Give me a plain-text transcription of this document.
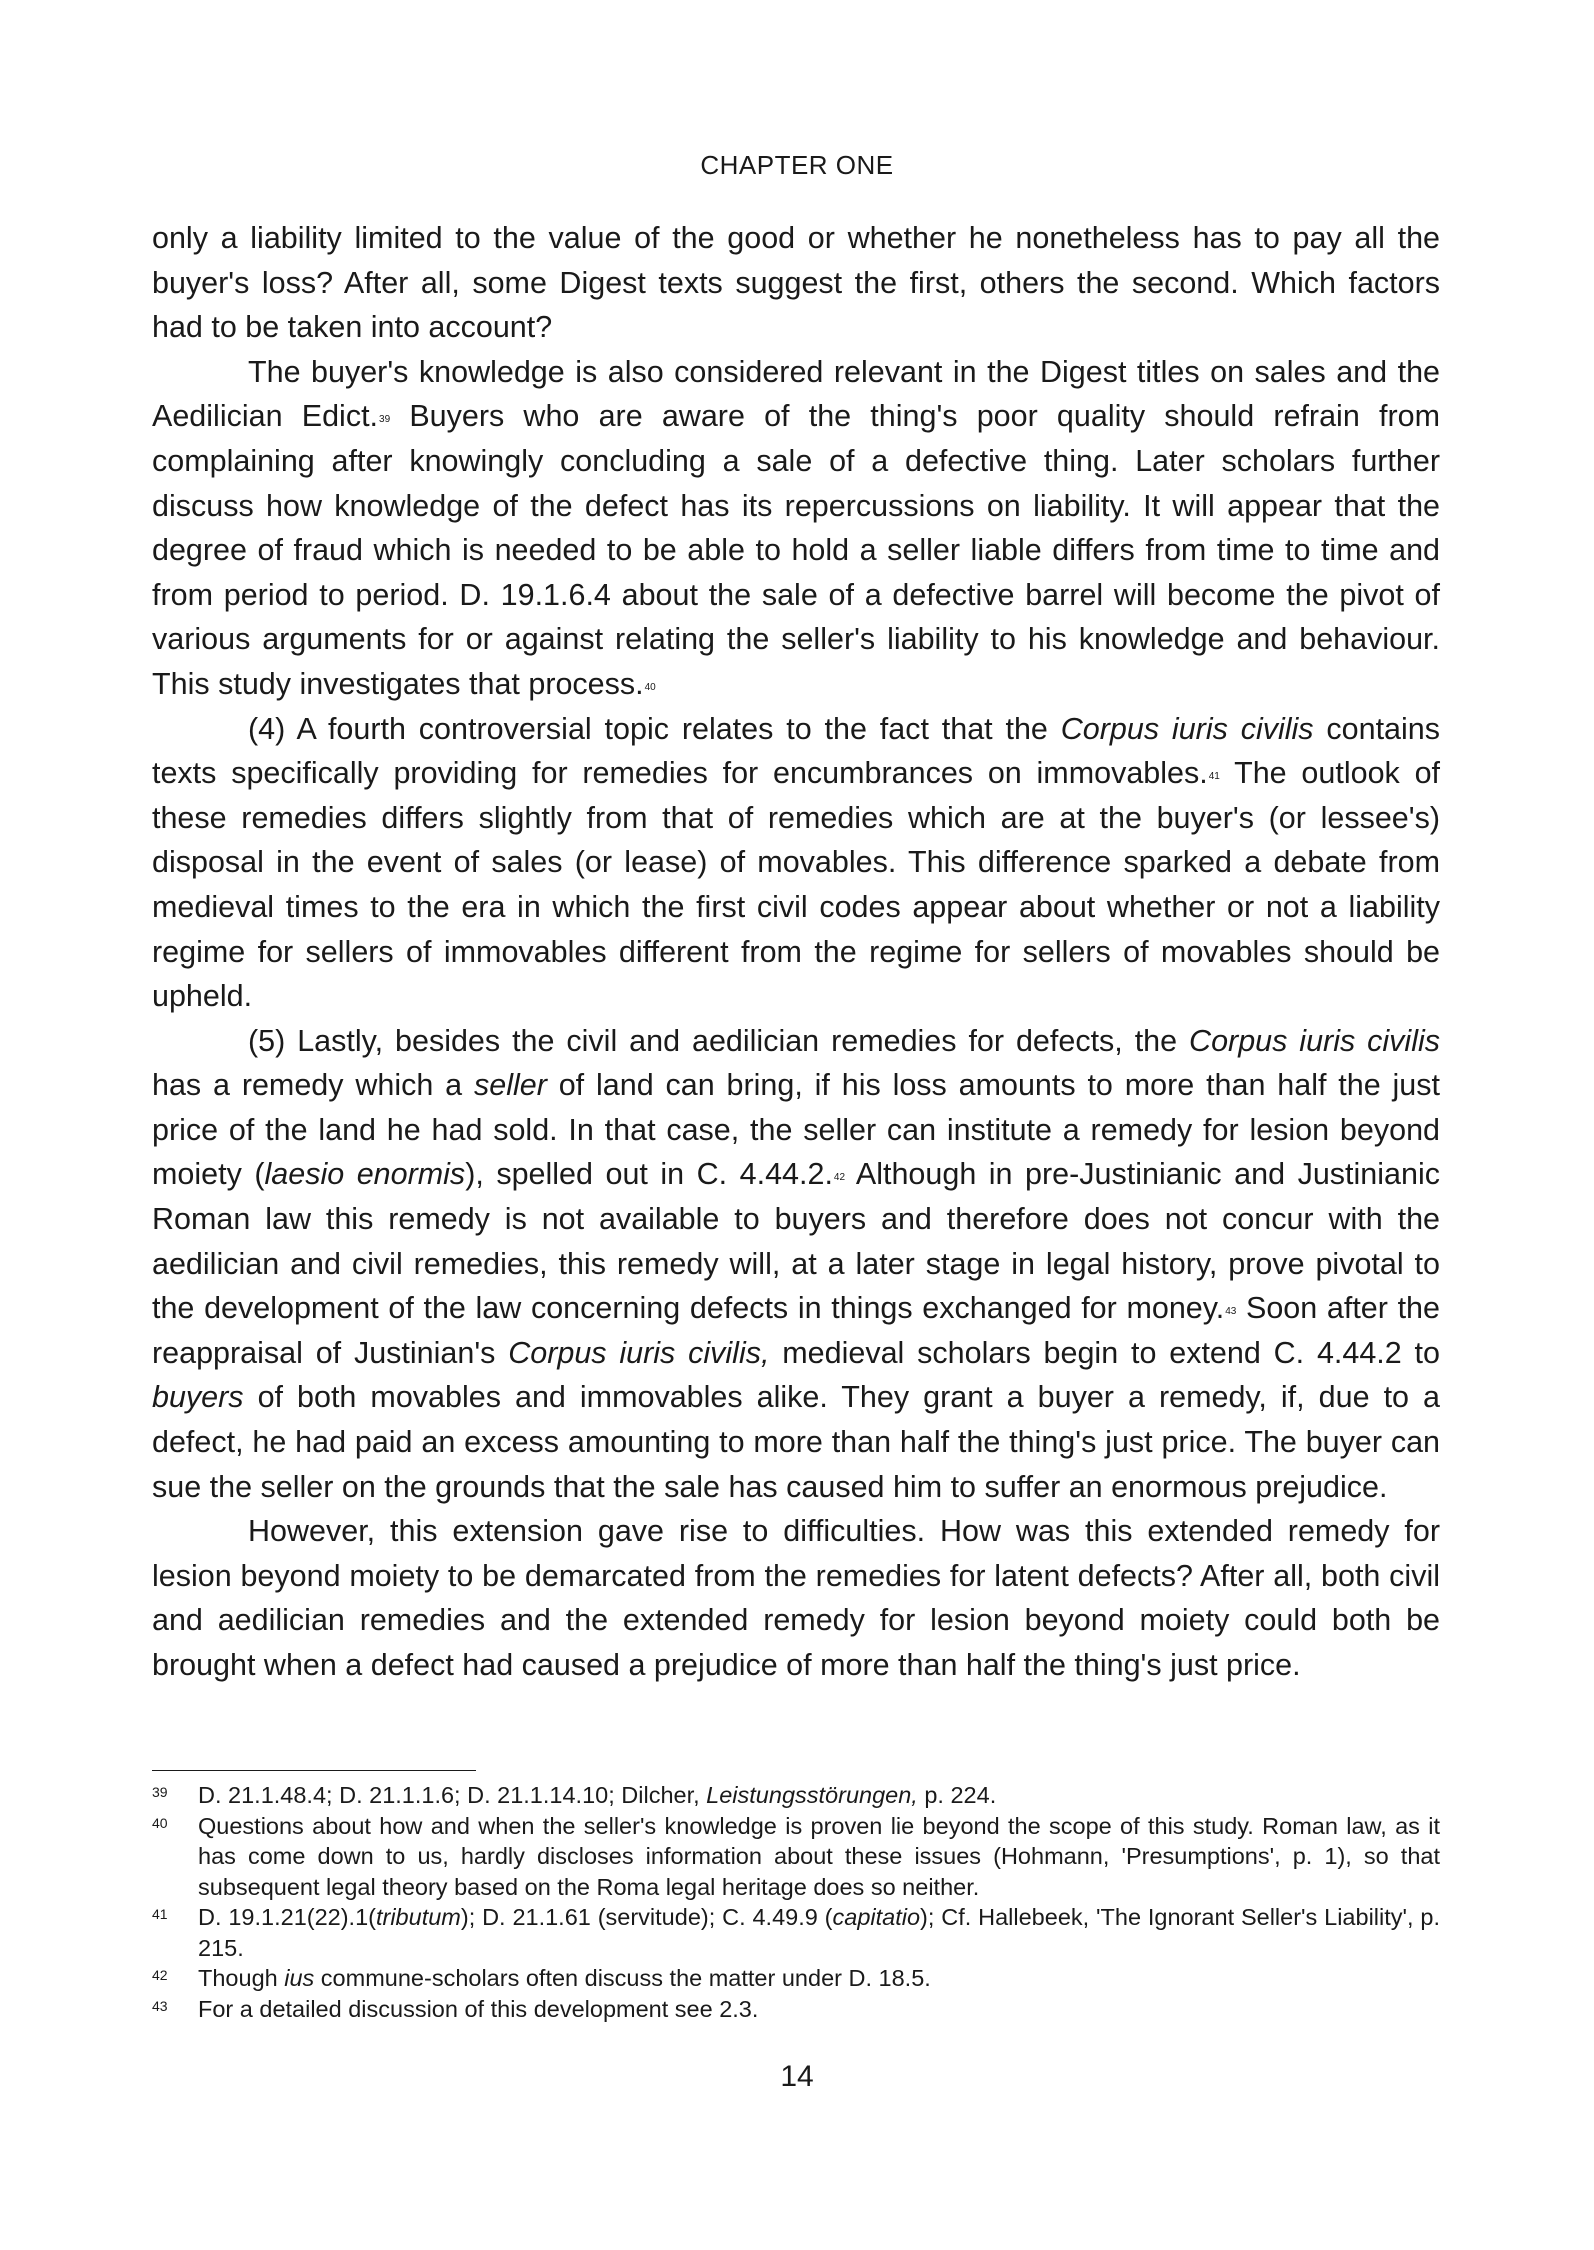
CHAPTER ONE

only a liability limited to the value of the good or whether he nonetheless has to pay all the buyer's loss? After all, some Digest texts suggest the first, others the second. Which factors had to be taken into account?

The buyer's knowledge is also considered relevant in the Digest titles on sales and the Aedilician Edict.$^{39}$ Buyers who are aware of the thing's poor quality should refrain from complaining after knowingly concluding a sale of a defective thing. Later scholars further discuss how knowledge of the defect has its repercussions on liability. It will appear that the degree of fraud which is needed to be able to hold a seller liable differs from time to time and from period to period. D. 19.1.6.4 about the sale of a defective barrel will become the pivot of various arguments for or against relating the seller's liability to his knowledge and behaviour. This study investigates that process.$^{40}$

(4) A fourth controversial topic relates to the fact that the Corpus iuris civilis contains texts specifically providing for remedies for encumbrances on immovables.$^{41}$ The outlook of these remedies differs slightly from that of remedies which are at the buyer's (or lessee's) disposal in the event of sales (or lease) of movables. This difference sparked a debate from medieval times to the era in which the first civil codes appear about whether or not a liability regime for sellers of immovables different from the regime for sellers of movables should be upheld.

(5) Lastly, besides the civil and aedilician remedies for defects, the Corpus iuris civilis has a remedy which a seller of land can bring, if his loss amounts to more than half the just price of the land he had sold. In that case, the seller can institute a remedy for lesion beyond moiety (laesio enormis), spelled out in C. 4.44.2.42 Although in pre-Justinianic and Justinianic Roman law this remedy is not available to buyers and therefore does not concur with the aedilician and civil remedies, this remedy will, at a later stage in legal history, prove pivotal to the development of the law concerning defects in things exchanged for money.$^{43}$ Soon after the reappraisal of Justinian's Corpus iuris civilis, medieval scholars begin to extend C. 4.44.2 to buyers of both movables and immovables alike. They grant a buyer a remedy, if, due to a defect, he had paid an excess amounting to more than half the thing's just price. The buyer can sue the seller on the grounds that the sale has caused him to suffer an enormous prejudice.

However, this extension gave rise to difficulties. How was this extended remedy for lesion beyond moiety to be demarcated from the remedies for latent defects? After all, both civil and aedilician remedies and the extended remedy for lesion beyond moiety could both be brought when a defect had caused a prejudice of more than half the thing's just price.

39	D. 21.1.48.4; D. 21.1.1.6; D. 21.1.14.10; Dilcher, Leistungsstörungen, p. 224.
40	Questions about how and when the seller's knowledge is proven lie beyond the scope of this study. Roman law, as it has come down to us, hardly discloses information about these issues (Hohmann, 'Presumptions', p. 1), so that subsequent legal theory based on the Roma legal heritage does so neither.
41	D. 19.1.21(22).1(tributum); D. 21.1.61 (servitude); C. 4.49.9 (capitatio); Cf. Hallebeek, 'The Ignorant Seller's Liability', p. 215.
42	Though ius commune-scholars often discuss the matter under D. 18.5.
43	For a detailed discussion of this development see 2.3.
14
